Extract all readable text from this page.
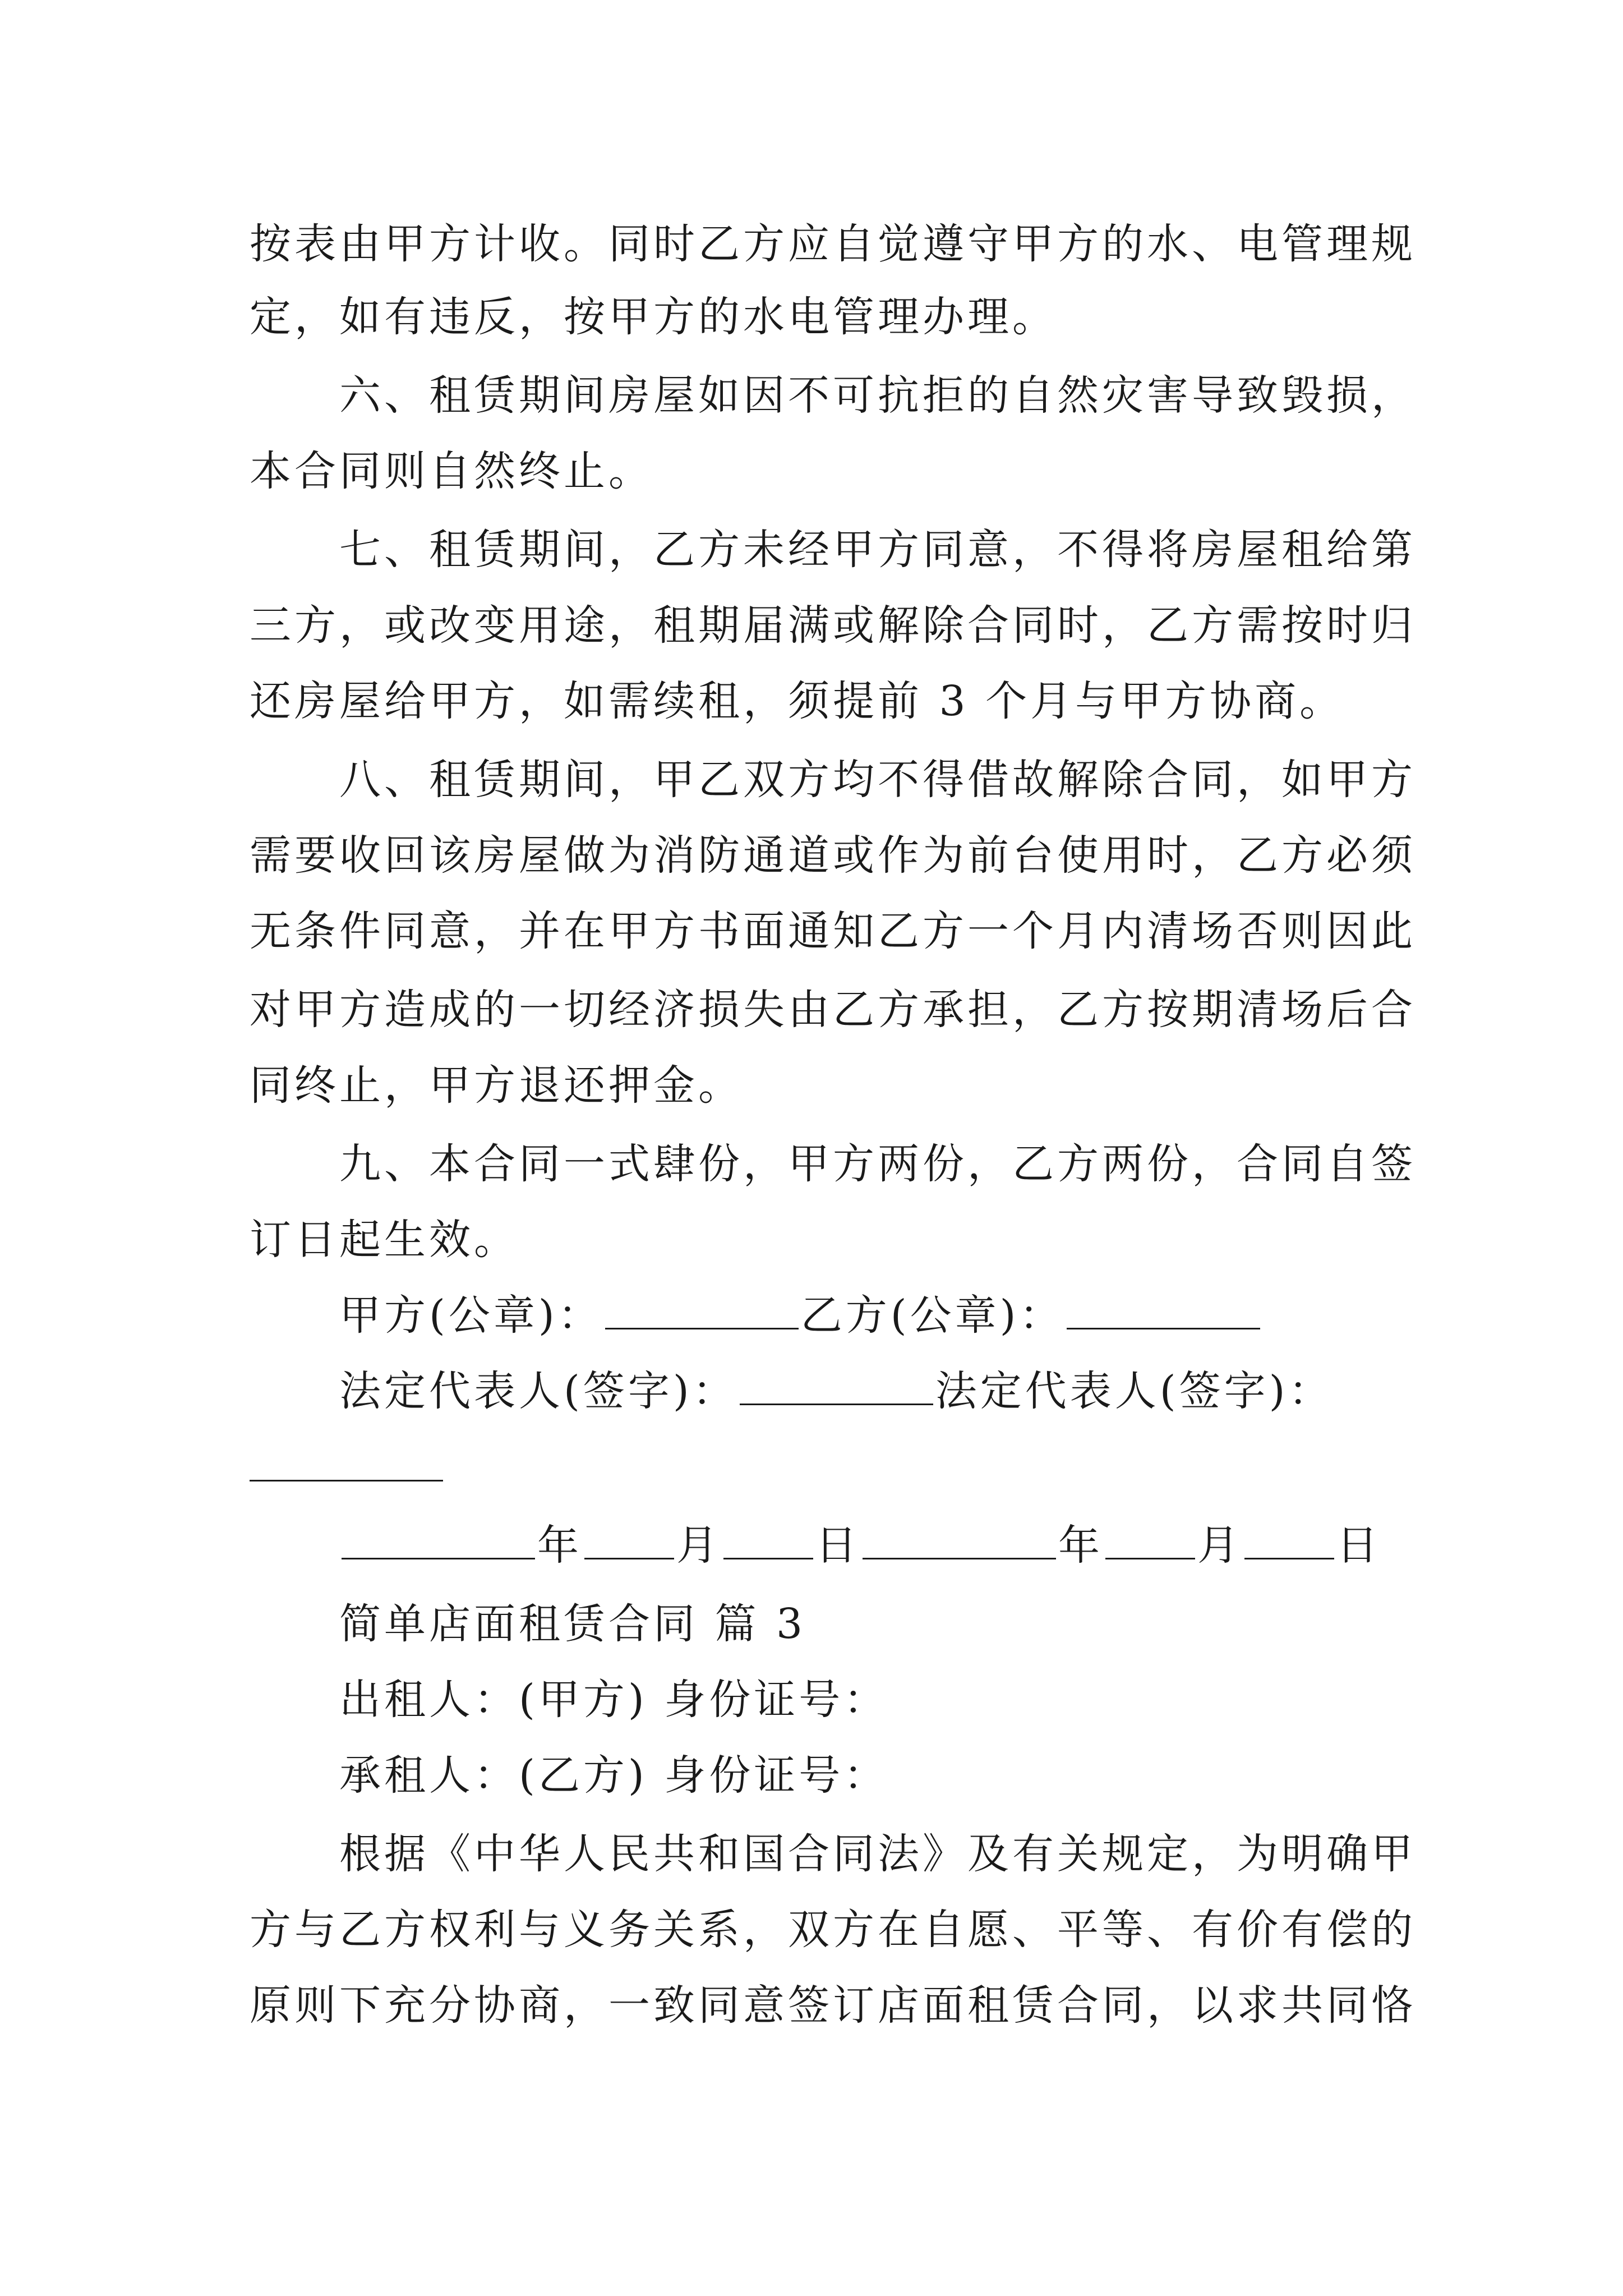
按表由甲方计收。同时乙方应自觉遵守甲方的水、电管理规
定，如有违反，按甲方的水电管理办理。
六、租赁期间房屋如因不可抗拒的自然灾害导致毁损，
本合同则自然终止。
七、租赁期间，乙方未经甲方同意，不得将房屋租给第
三方，或改变用途，租期届满或解除合同时，乙方需按时归
还房屋给甲方，如需续租，须提前 3 个月与甲方协商。
八、租赁期间，甲乙双方均不得借故解除合同，如甲方
需要收回该房屋做为消防通道或作为前台使用时，乙方必须
无条件同意，并在甲方书面通知乙方一个月内清场否则因此
对甲方造成的一切经济损失由乙方承担，乙方按期清场后合
同终止，甲方退还押金。
九、本合同一式肆份，甲方两份，乙方两份，合同自签
订日起生效。
甲方(公章)：	乙方(公章)：
法定代表人(签字)：	法定代表人(签字)：
年 月 日	年 月 日
简单店面租赁合同 篇 3
出租人：(甲方) 身份证号：
承租人：(乙方) 身份证号：
根据《中华人民共和国合同法》及有关规定，为明确甲
方与乙方权利与义务关系，双方在自愿、平等、有价有偿的
原则下充分协商，一致同意签订店面租赁合同，以求共同恪
